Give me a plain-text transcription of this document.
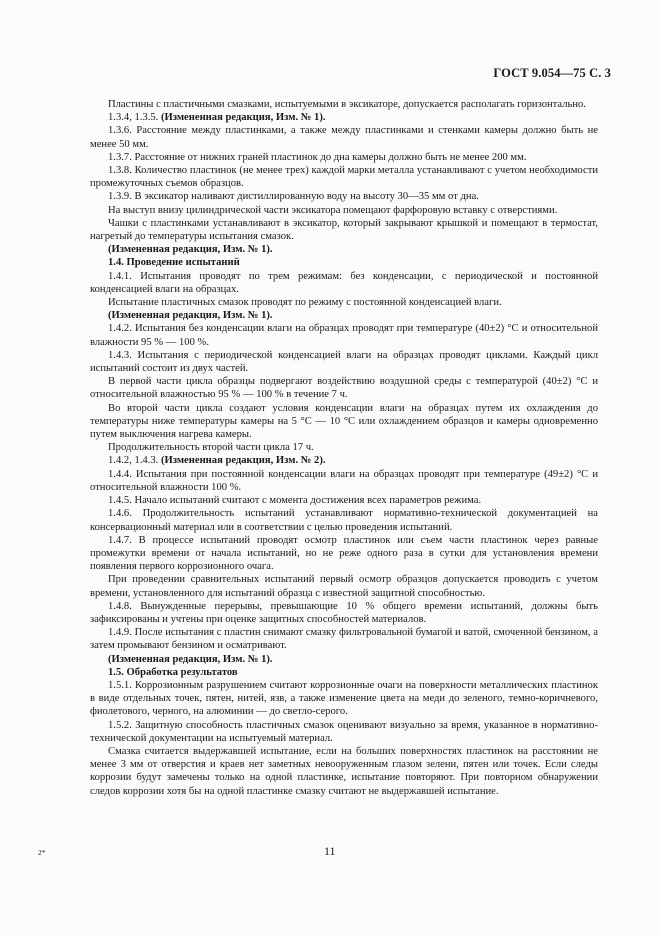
ГОСТ 9.054—75 С. 3

Пластины с пластичными смазками, испытуемыми в эксикаторе, допускается располагать горизонтально.

1.3.4, 1.3.5. (Измененная редакция, Изм. № 1).

1.3.6. Расстояние между пластинками, а также между пластинками и стенками камеры должно быть не менее 50 мм.

1.3.7. Расстояние от нижних граней пластинок до дна камеры должно быть не менее 200 мм.

1.3.8. Количество пластинок (не менее трех) каждой марки металла устанавливают с учетом необходимости промежуточных съемов образцов.

1.3.9. В эксикатор наливают дистиллированную воду на высоту 30—35 мм от дна.

На выступ внизу цилиндрической части эксикатора помещают фарфоровую вставку с отверстиями.

Чашки с пластинками устанавливают в эксикатор, который закрывают крышкой и помещают в термостат, нагретый до температуры испытания смазок.

(Измененная редакция, Изм. № 1).

1.4. Проведение испытаний

1.4.1. Испытания проводят по трем режимам: без конденсации, с периодической и постоянной конденсацией влаги на образцах.

Испытание пластичных смазок проводят по режиму с постоянной конденсацией влаги.

(Измененная редакция, Изм. № 1).

1.4.2. Испытания без конденсации влаги на образцах проводят при температуре (40±2) °С и относительной влажности 95 % — 100 %.

1.4.3. Испытания с периодической конденсацией влаги на образцах проводят циклами. Каждый цикл испытаний состоит из двух частей.

В первой части цикла образцы подвергают воздействию воздушной среды с температурой (40±2) °С и относительной влажностью 95 % — 100 % в течение 7 ч.

Во второй части цикла создают условия конденсации влаги на образцах путем их охлаждения до температуры ниже температуры камеры на 5 °С — 10 °С или охлаждением образцов и камеры одновременно путем выключения нагрева камеры.

Продолжительность второй части цикла 17 ч.

1.4.2, 1.4.3. (Измененная редакция, Изм. № 2).

1.4.4. Испытания при постоянной конденсации влаги на образцах проводят при температуре (49±2) °С и относительной влажности 100 %.

1.4.5. Начало испытаний считают с момента достижения всех параметров режима.

1.4.6. Продолжительность испытаний устанавливают нормативно-технической документацией на консервационный материал или в соответствии с целью проведения испытаний.

1.4.7. В процессе испытаний проводят осмотр пластинок или съем части пластинок через равные промежутки времени от начала испытаний, но не реже одного раза в сутки для установления времени появления первого коррозионного очага.

При проведении сравнительных испытаний первый осмотр образцов допускается проводить с учетом времени, установленного для испытаний образца с известной защитной способностью.

1.4.8. Вынужденные перерывы, превышающие 10 % общего времени испытаний, должны быть зафиксированы и учтены при оценке защитных способностей материалов.

1.4.9. После испытания с пластин снимают смазку фильтровальной бумагой и ватой, смоченной бензином, а затем промывают бензином и осматривают.

(Измененная редакция, Изм. № 1).

1.5. Обработка результатов

1.5.1. Коррозионным разрушением считают коррозионные очаги на поверхности металлических пластинок в виде отдельных точек, пятен, нитей, язв, а также изменение цвета на меди до зеленого, темно-коричневого, фиолетового, черного, на алюминии — до светло-серого.

1.5.2. Защитную способность пластичных смазок оценивают визуально за время, указанное в нормативно-технической документации на испытуемый материал.

Смазка считается выдержавшей испытание, если на больших поверхностях пластинок на расстоянии не менее 3 мм от отверстия и краев нет заметных невооруженным глазом зелени, пятен или точек. Если следы коррозии будут замечены только на одной пластинке, испытание повторяют. При повторном обнаружении следов коррозии хотя бы на одной пластинке смазку считают не выдержавшей испытание.

2*	11
